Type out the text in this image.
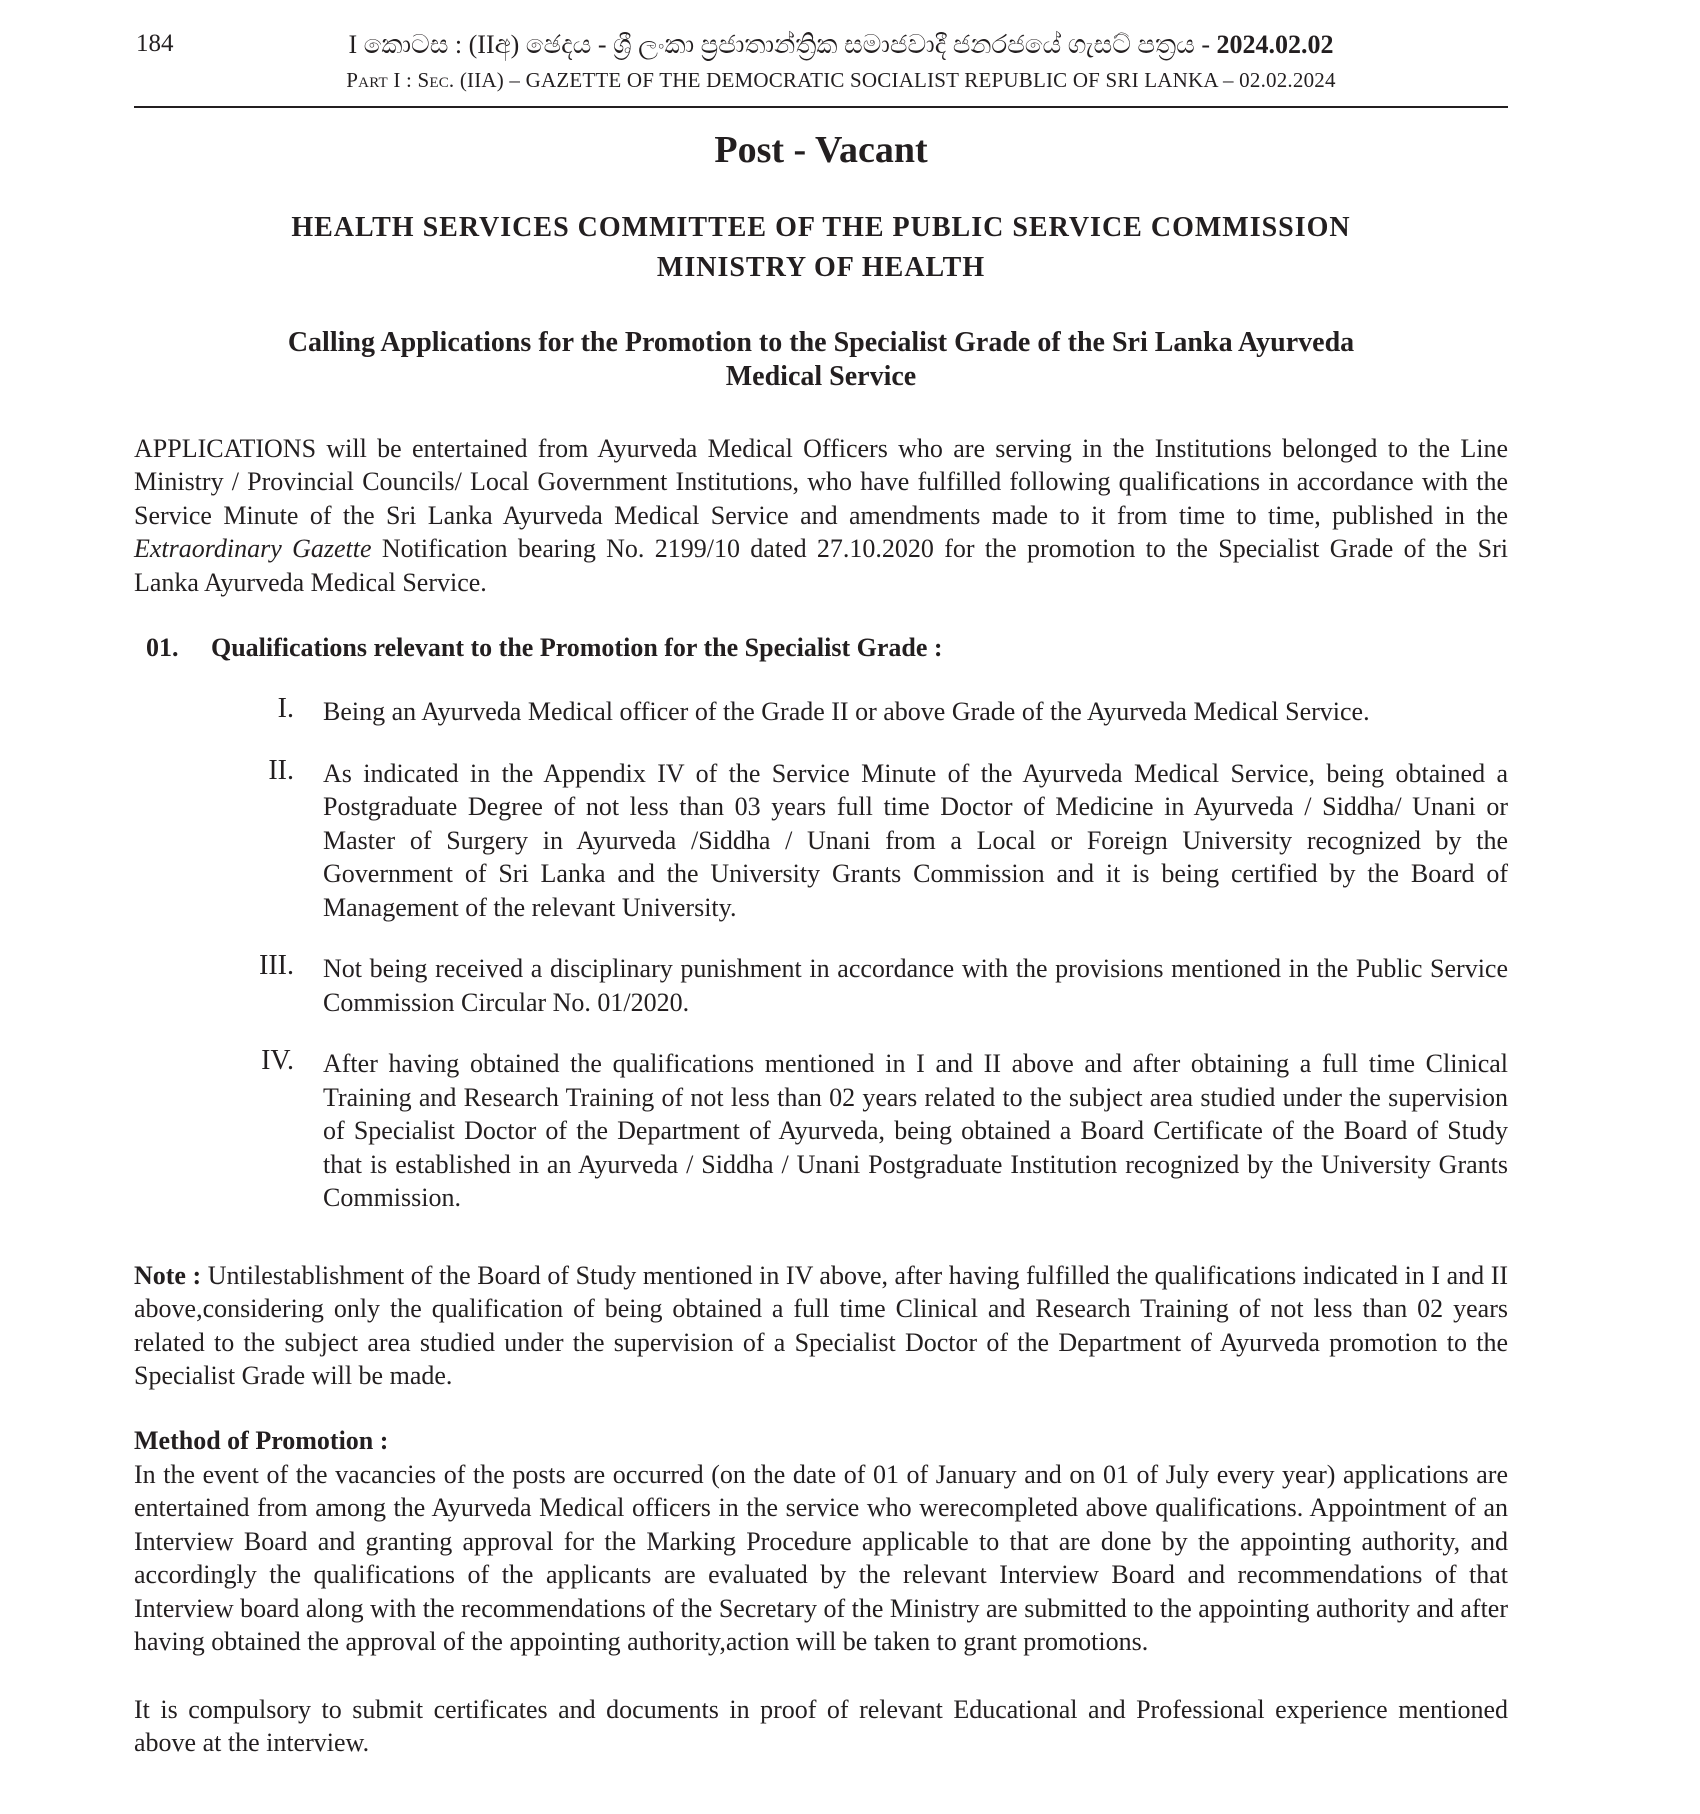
184	I කොටස : (IIඅ) ඡෙදය - ශ්‍රී ලංකා ප්‍රජාතාන්ත්‍රික සමාජවාදී ජනරජයේ ගැසට් පත්‍රය - 2024.02.02
Part I : Sec. (IIA) – GAZETTE OF THE DEMOCRATIC SOCIALIST REPUBLIC OF SRI LANKA – 02.02.2024
Post - Vacant
HEALTH SERVICES COMMITTEE OF THE PUBLIC SERVICE COMMISSION
MINISTRY OF HEALTH
Calling Applications for the Promotion to the Specialist Grade of the Sri Lanka Ayurveda
Medical Service

APPLICATIONS will be entertained from Ayurveda Medical Officers who are serving in the Institutions belonged to the Line Ministry / Provincial Councils/ Local Government Institutions, who have fulfilled following qualifications in accordance with the Service Minute of the Sri Lanka Ayurveda Medical Service and amendments made to it from time to time, published in the Extraordinary Gazette Notification bearing No. 2199/10 dated 27.10.2020 for the promotion to the Specialist Grade of the Sri Lanka Ayurveda Medical Service.

01. Qualifications relevant to the Promotion for the Specialist Grade :
I. Being an Ayurveda Medical officer of the Grade II or above Grade of the Ayurveda Medical Service.

II. As indicated in the Appendix IV of the Service Minute of the Ayurveda Medical Service, being obtained a Postgraduate Degree of not less than 03 years full time Doctor of Medicine in Ayurveda / Siddha/ Unani or Master of Surgery in Ayurveda /Siddha / Unani from a Local or Foreign University recognized by the Government of Sri Lanka and the University Grants Commission and it is being certified by the Board of Management of the relevant University.

III. Not being received a disciplinary punishment in accordance with the provisions mentioned in the Public Service Commission Circular No. 01/2020.

IV. After having obtained the qualifications mentioned in I and II above and after obtaining a full time Clinical Training and Research Training of not less than 02 years related to the subject area studied under the supervision of Specialist Doctor of the Department of Ayurveda, being obtained a Board Certificate of the Board of Study that is established in an Ayurveda / Siddha / Unani Postgraduate Institution recognized by the University Grants Commission.

Note : Untilestablishment of the Board of Study mentioned in IV above, after having fulfilled the qualifications indicated in I and II above,considering only the qualification of being obtained a full time Clinical and Research Training of not less than 02 years related to the subject area studied under the supervision of a Specialist Doctor of the Department of Ayurveda promotion to the Specialist Grade will be made.

Method of Promotion :

In the event of the vacancies of the posts are occurred (on the date of 01 of January and on 01 of July every year) applications are entertained from among the Ayurveda Medical officers in the service who werecompleted above qualifications. Appointment of an Interview Board and granting approval for the Marking Procedure applicable to that are done by the appointing authority, and accordingly the qualifications of the applicants are evaluated by the relevant Interview Board and recommendations of that Interview board along with the recommendations of the Secretary of the Ministry are submitted to the appointing authority and after having obtained the approval of the appointing authority,action will be taken to grant promotions.

It is compulsory to submit certificates and documents in proof of relevant Educational and Professional experience mentioned above at the interview.
